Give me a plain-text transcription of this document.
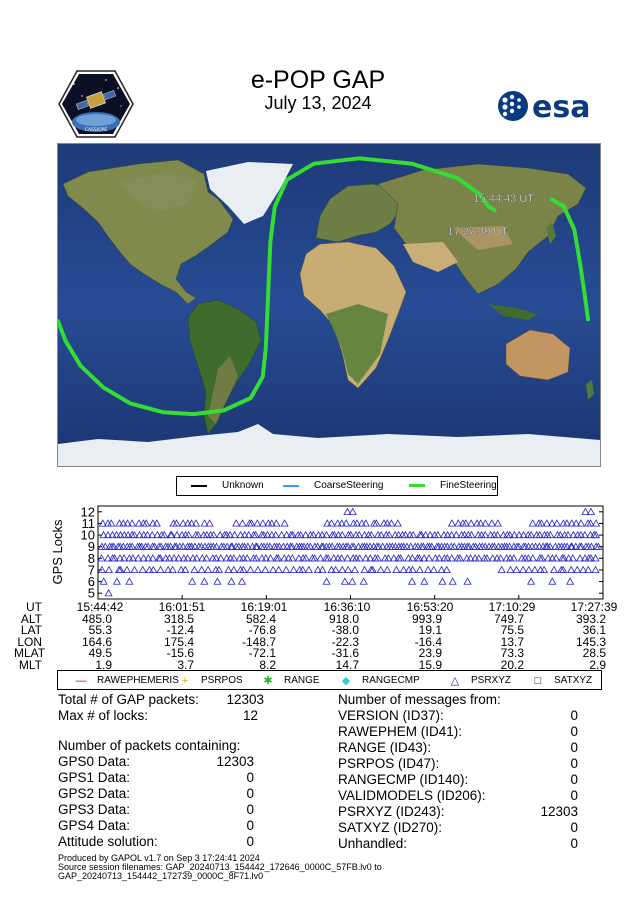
e-POP GAP
July 13, 2024
CASSIOPE
esa
15:44:43 UT
17:27:39 UT
Unknown	CoarseSteering	FineSteering
GPS Locks
5
6
7
8
9
10
11
12
UT	15:44:42	16:01:51	16:19:01	16:36:10	16:53:20	17:10:29	17:27:39
ALT	485.0	318.5	582.4	918.0	993.9	749.7	393.2
LAT	55.3	-12.4	-76.8	-38.0	19.1	75.5	36.1
LON	164.6	175.4	-148.7	-22.3	-16.4	13.7	145.3
MLAT	49.5	-15.6	-72.1	-31.6	23.9	73.3	28.5
MLT	1.9	3.7	8.2	14.7	15.9	20.2	2.9
— RAWEPHEMERIS +	PSRPOS ✱ RANGE ◆ RANGECMP	△ PSRXYZ	□	SATXYZ
Total # of GAP packets:	12303
Max # of locks:	12
Number of packets containing:
GPS0 Data:	12303
GPS1 Data:	0
GPS2 Data:	0
GPS3 Data:	0
GPS4 Data:	0
Attitude solution:	0
Number of messages from:
VERSION (ID37):	0
RAWEPHEM (ID41):	0
RANGE (ID43):	0
PSRPOS (ID47):	0
RANGECMP (ID140):	0
VALIDMODELS (ID206):	0
PSRXYZ (ID243):	12303
SATXYZ (ID270):	0
Unhandled:	0
Produced by GAPOL v1.7 on Sep 3 17:24:41 2024
Source session filenames: GAP_20240713_154442_172646_0000C_57FB.lv0 to
GAP_20240713_154442_172739_0000C_8F71.lv0
